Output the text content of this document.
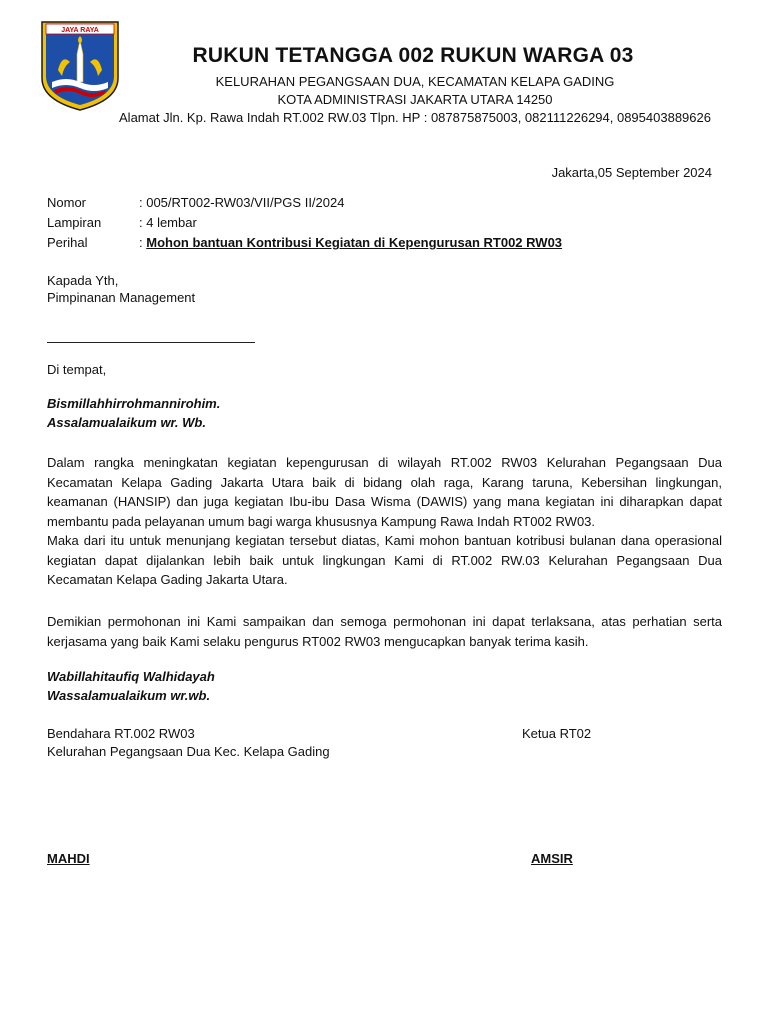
JAYA RAYA
RUKUN TETANGGA 002 RUKUN WARGA 03
KELURAHAN PEGANGSAAN DUA, KECAMATAN KELAPA GADING
KOTA ADMINISTRASI JAKARTA UTARA 14250
Alamat Jln. Kp. Rawa Indah RT.002 RW.03 Tlpn. HP : 087875875003, 082111226294, 0895403889626
Jakarta,05 September 2024
Nomor	: 005/RT002-RW03/VII/PGS II/2024
Lampiran	: 4 lembar
Perihal	: Mohon bantuan Kontribusi Kegiatan di Kepengurusan RT002 RW03
Kapada Yth,
Pimpinanan Management
Di tempat,
Bismillahhirrohmannirohim.
Assalamualaikum wr. Wb.

Dalam rangka meningkatan kegiatan kepengurusan di wilayah RT.002 RW03 Kelurahan Pegangsaan Dua Kecamatan Kelapa Gading Jakarta Utara baik di bidang olah raga, Karang taruna, Kebersihan lingkungan, keamanan (HANSIP) dan juga kegiatan Ibu-ibu Dasa Wisma (DAWIS) yang mana kegiatan ini diharapkan dapat membantu pada pelayanan umum bagi warga khususnya Kampung Rawa Indah RT002 RW03.

Maka dari itu untuk menunjang kegiatan tersebut diatas, Kami mohon bantuan kotribusi bulanan dana operasional kegiatan dapat dijalankan lebih baik untuk lingkungan Kami di RT.002 RW.03 Kelurahan Pegangsaan Dua Kecamatan Kelapa Gading Jakarta Utara.

Demikian permohonan ini Kami sampaikan dan semoga permohonan ini dapat terlaksana, atas perhatian serta kerjasama yang baik Kami selaku pengurus RT002 RW03 mengucapkan banyak terima kasih.

Wabillahitaufiq Walhidayah
Wassalamualaikum wr.wb.
Bendahara RT.002 RW03
Kelurahan Pegangsaan Dua Kec. Kelapa Gading
Ketua RT02
MAHDI	AMSIR
